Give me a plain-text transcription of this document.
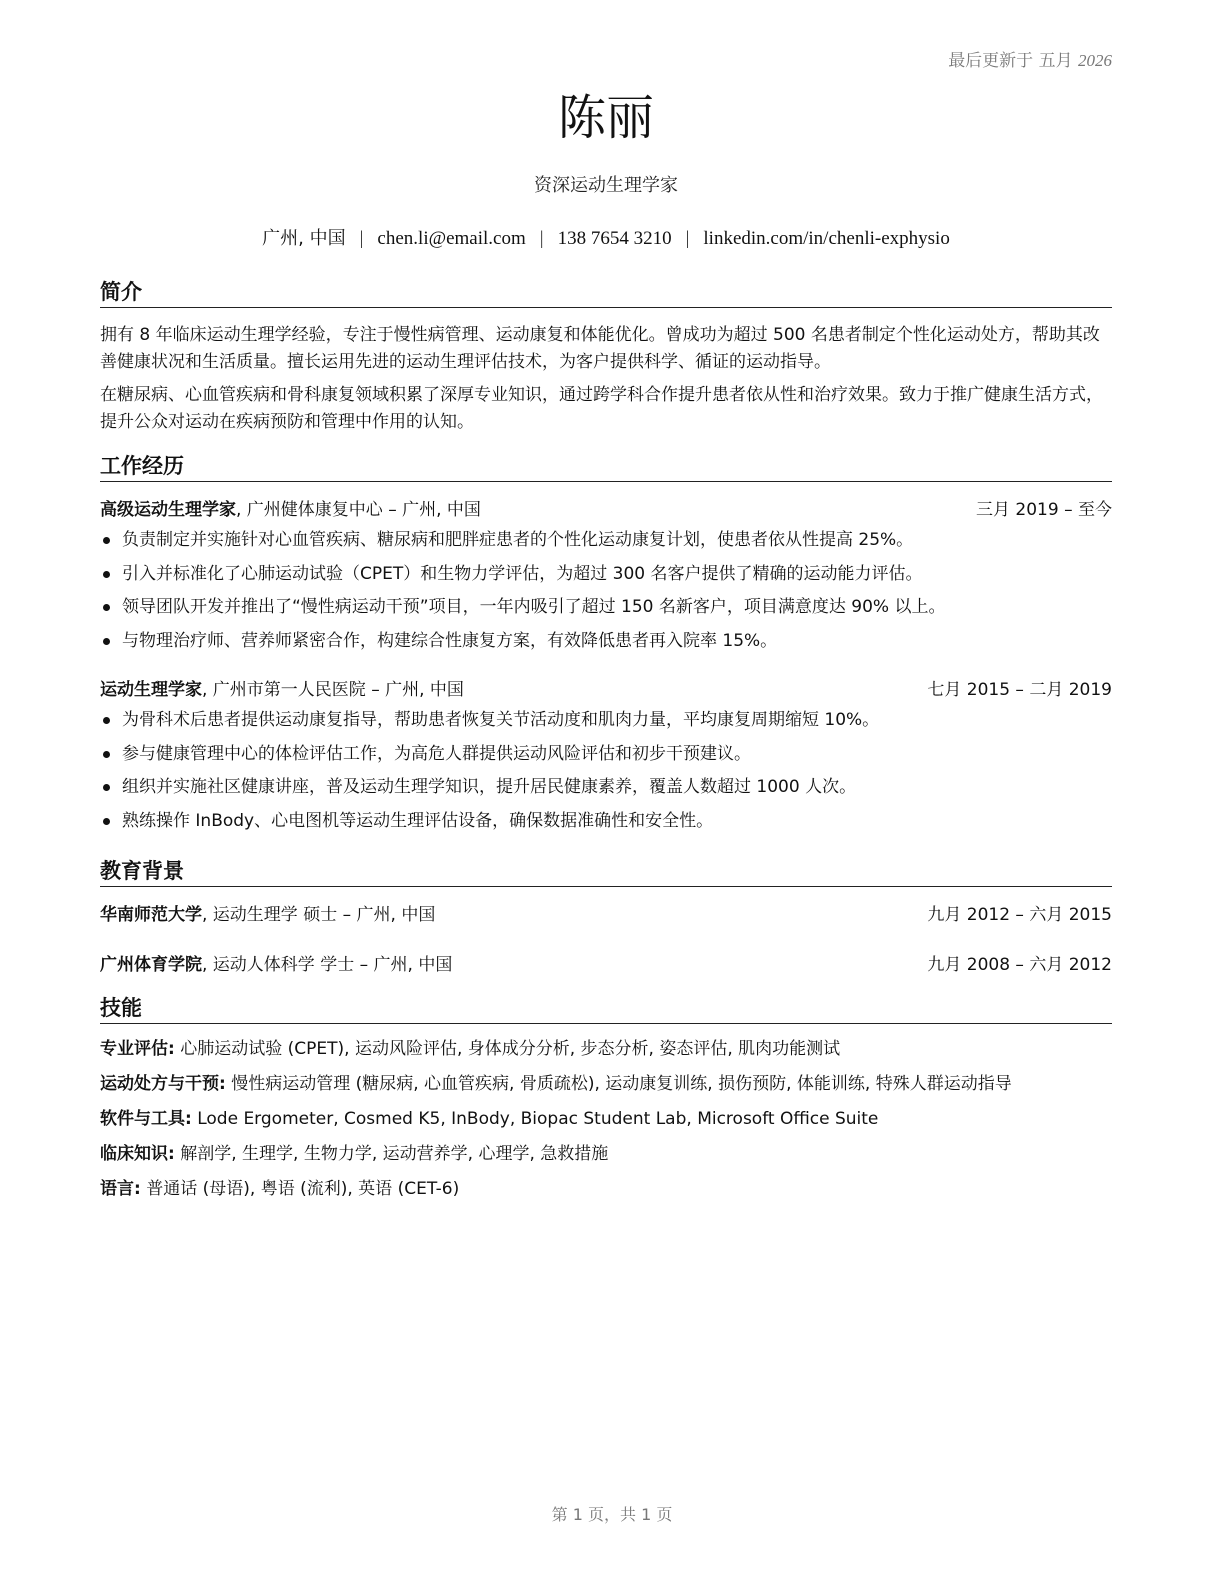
最后更新于 五月 2026
陈丽
资深运动生理学家
广州, 中国 | chen.li@email.com | 138 7654 3210 | linkedin.com/in/chenli-exphysio
简介

拥有 8 年临床运动生理学经验，专注于慢性病管理、运动康复和体能优化。曾成功为超过 500 名患者制定个性化运动处方，帮助其改善健康状况和生活质量。擅长运用先进的运动生理评估技术，为客户提供科学、循证的运动指导。

在糖尿病、心血管疾病和骨科康复领域积累了深厚专业知识，通过跨学科合作提升患者依从性和治疗效果。致力于推广健康生活方式，提升公众对运动在疾病预防和管理中作用的认知。

工作经历
高级运动生理学家, 广州健体康复中心 – 广州, 中国	三月 2019 – 至今
负责制定并实施针对心血管疾病、糖尿病和肥胖症患者的个性化运动康复计划，使患者依从性提高 25%。
引入并标准化了心肺运动试验（CPET）和生物力学评估，为超过 300 名客户提供了精确的运动能力评估。
领导团队开发并推出了“慢性病运动干预”项目，一年内吸引了超过 150 名新客户，项目满意度达 90% 以上。
与物理治疗师、营养师紧密合作，构建综合性康复方案，有效降低患者再入院率 15%。
运动生理学家, 广州市第一人民医院 – 广州, 中国	七月 2015 – 二月 2019
为骨科术后患者提供运动康复指导，帮助患者恢复关节活动度和肌肉力量，平均康复周期缩短 10%。
参与健康管理中心的体检评估工作，为高危人群提供运动风险评估和初步干预建议。
组织并实施社区健康讲座，普及运动生理学知识，提升居民健康素养，覆盖人数超过 1000 人次。
熟练操作 InBody、心电图机等运动生理评估设备，确保数据准确性和安全性。
教育背景
华南师范大学, 运动生理学 硕士 – 广州, 中国	九月 2012 – 六月 2015
广州体育学院, 运动人体科学 学士 – 广州, 中国	九月 2008 – 六月 2012
技能

专业评估: 心肺运动试验 (CPET), 运动风险评估, 身体成分分析, 步态分析, 姿态评估, 肌肉功能测试

运动处方与干预: 慢性病运动管理 (糖尿病, 心血管疾病, 骨质疏松), 运动康复训练, 损伤预防, 体能训练, 特殊人群运动指导

软件与工具: Lode Ergometer, Cosmed K5, InBody, Biopac Student Lab, Microsoft Office Suite

临床知识: 解剖学, 生理学, 生物力学, 运动营养学, 心理学, 急救措施

语言: 普通话 (母语), 粤语 (流利), 英语 (CET-6)

第 1 页，共 1 页
